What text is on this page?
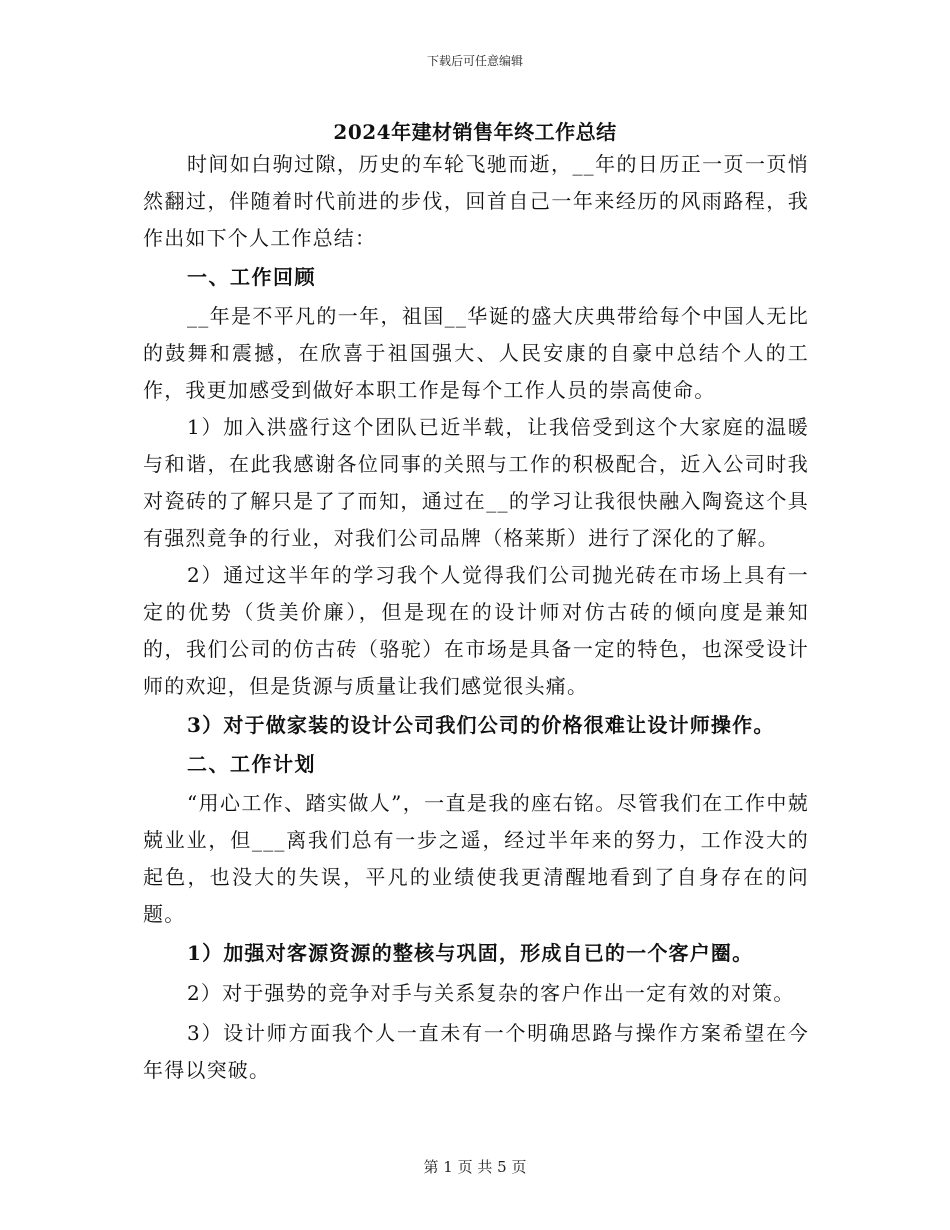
下载后可任意编辑
2024年建材销售年终工作总结

时间如白驹过隙，历史的车轮飞驰而逝，__年的日历正一页一页悄然翻过，伴随着时代前进的步伐，回首自己一年来经历的风雨路程，我作出如下个人工作总结：

一、工作回顾

__年是不平凡的一年，祖国__华诞的盛大庆典带给每个中国人无比的鼓舞和震撼，在欣喜于祖国强大、人民安康的自豪中总结个人的工作，我更加感受到做好本职工作是每个工作人员的崇高使命。

1）加入洪盛行这个团队已近半载，让我倍受到这个大家庭的温暖与和谐，在此我感谢各位同事的关照与工作的积极配合，近入公司时我对瓷砖的了解只是了了而知，通过在__的学习让我很快融入陶瓷这个具有强烈竟争的行业，对我们公司品牌（格莱斯）进行了深化的了解。

2）通过这半年的学习我个人觉得我们公司抛光砖在市场上具有一定的优势（货美价廉），但是现在的设计师对仿古砖的倾向度是兼知的，我们公司的仿古砖（骆驼）在市场是具备一定的特色，也深受设计师的欢迎，但是货源与质量让我们感觉很头痛。

3）对于做家装的设计公司我们公司的价格很难让设计师操作。

二、工作计划

“用心工作、踏实做人”，一直是我的座右铭。尽管我们在工作中兢兢业业，但___离我们总有一步之遥，经过半年来的努力，工作没大的起色，也没大的失误，平凡的业绩使我更清醒地看到了自身存在的问题。

1）加强对客源资源的整核与巩固，形成自已的一个客户圈。

2）对于强势的竞争对手与关系复杂的客户作出一定有效的对策。

3）设计师方面我个人一直未有一个明确思路与操作方案希望在今年得以突破。

第 1 页 共 5 页
